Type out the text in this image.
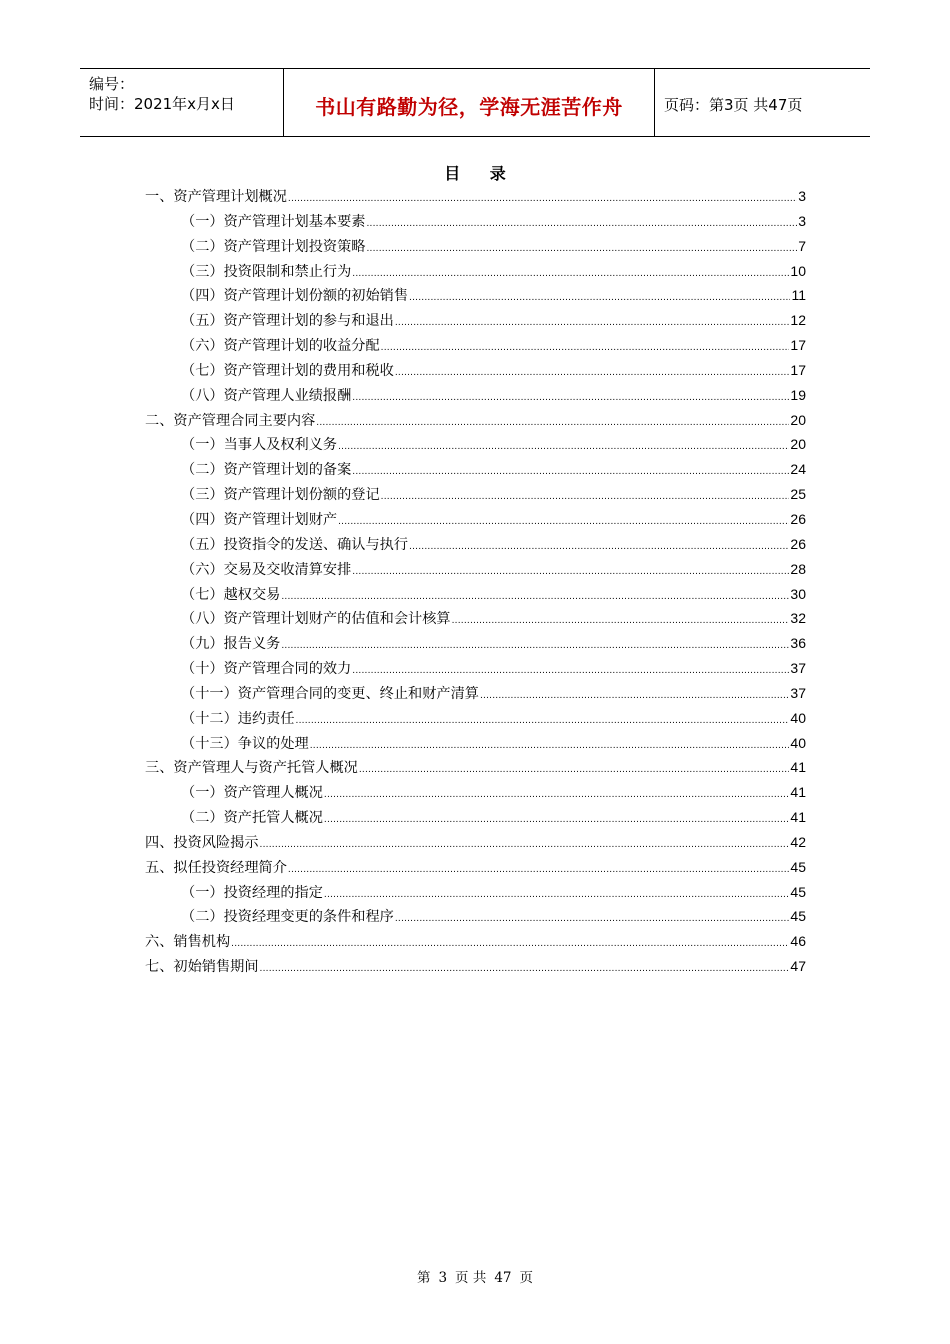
编号：
时间：2021年x月x日	书山有路勤为径，学海无涯苦作舟	页码：第3页 共47页
目 录
一、资产管理计划概况 .....	3
（一）资产管理计划基本要素 .....	3
（二）资产管理计划投资策略 .....	7
（三）投资限制和禁止行为 .....	10
（四）资产管理计划份额的初始销售 .....	11
（五）资产管理计划的参与和退出 .....	12
（六）资产管理计划的收益分配 .....	17
（七）资产管理计划的费用和税收 .....	17
（八）资产管理人业绩报酬 .....	19
二、资产管理合同主要内容 .....	20
（一）当事人及权利义务 .....	20
（二）资产管理计划的备案 .....	24
（三）资产管理计划份额的登记 .....	25
（四）资产管理计划财产 .....	26
（五）投资指令的发送、确认与执行 .....	26
（六）交易及交收清算安排 .....	28
（七）越权交易 .....	30
（八）资产管理计划财产的估值和会计核算 .....	32
（九）报告义务 .....	36
（十）资产管理合同的效力 .....	37
（十一）资产管理合同的变更、终止和财产清算 .....	37
（十二）违约责任 .....	40
（十三）争议的处理 .....	40
三、资产管理人与资产托管人概况 .....	41
（一）资产管理人概况 .....	41
（二）资产托管人概况 .....	41
四、投资风险揭示 .....	42
五、拟任投资经理简介 .....	45
（一）投资经理的指定 .....	45
（二）投资经理变更的条件和程序 .....	45
六、销售机构 .....	46
七、初始销售期间 .....	47
第 3 页 共 47 页
